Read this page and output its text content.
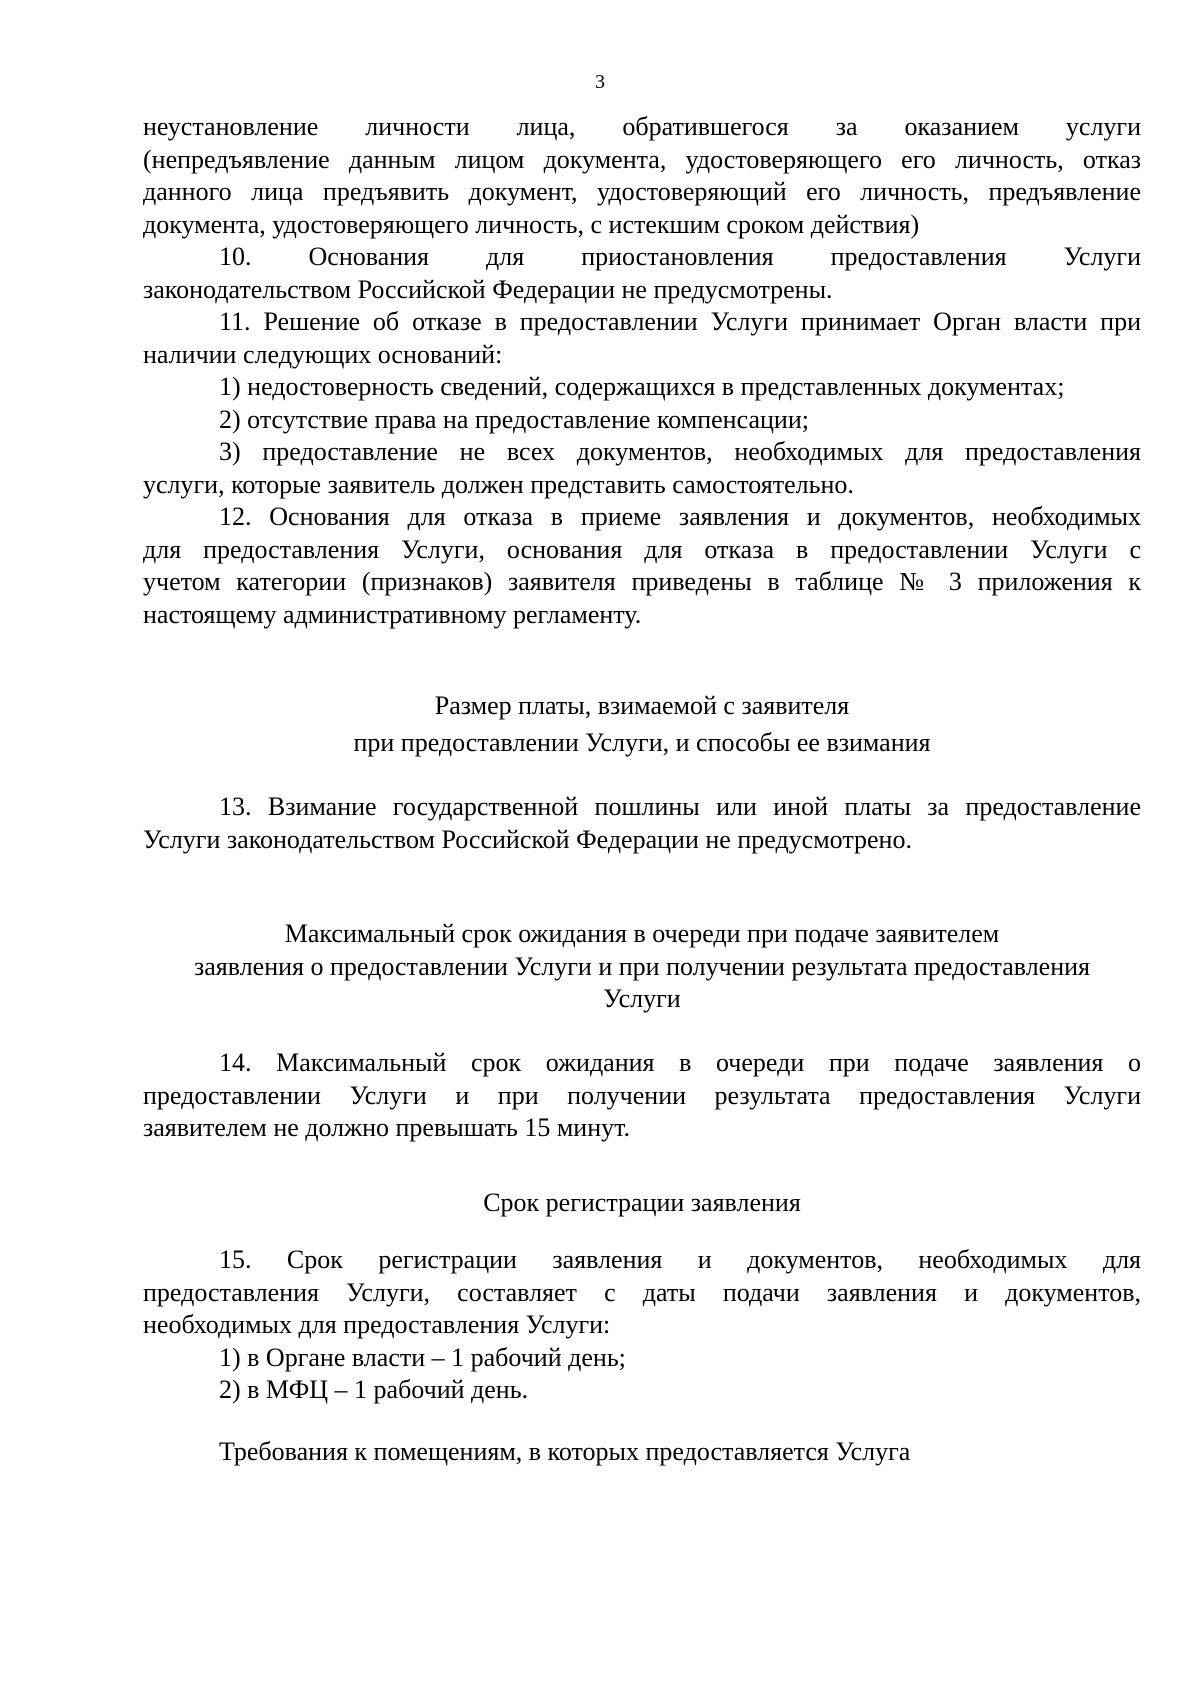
3
неустановление личности лица, обратившегося за оказанием услуги
(непредъявление данным лицом документа, удостоверяющего его личность, отказ
данного лица предъявить документ, удостоверяющий его личность, предъявление
документа, удостоверяющего личность, с истекшим сроком действия)
10. Основания для приостановления предоставления Услуги
законодательством Российской Федерации не предусмотрены.
11. Решение об отказе в предоставлении Услуги принимает Орган власти при
наличии следующих оснований:
1) недостоверность сведений, содержащихся в представленных документах;
2) отсутствие права на предоставление компенсации;
3) предоставление не всех документов, необходимых для предоставления
услуги, которые заявитель должен представить самостоятельно.
12. Основания для отказа в приеме заявления и документов, необходимых
для предоставления Услуги, основания для отказа в предоставлении Услуги с
учетом категории (признаков) заявителя приведены в таблице № 3 приложения к
настоящему административному регламенту.
Размер платы, взимаемой с заявителя
при предоставлении Услуги, и способы ее взимания
13. Взимание государственной пошлины или иной платы за предоставление
Услуги законодательством Российской Федерации не предусмотрено.
Максимальный срок ожидания в очереди при подаче заявителем
заявления о предоставлении Услуги и при получении результата предоставления
Услуги
14. Максимальный срок ожидания в очереди при подаче заявления о
предоставлении Услуги и при получении результата предоставления Услуги
заявителем не должно превышать 15 минут.
Срок регистрации заявления
15. Срок регистрации заявления и документов, необходимых для
предоставления Услуги, составляет с даты подачи заявления и документов,
необходимых для предоставления Услуги:
1) в Органе власти – 1 рабочий день;
2) в МФЦ – 1 рабочий день.
Требования к помещениям, в которых предоставляется Услуга
